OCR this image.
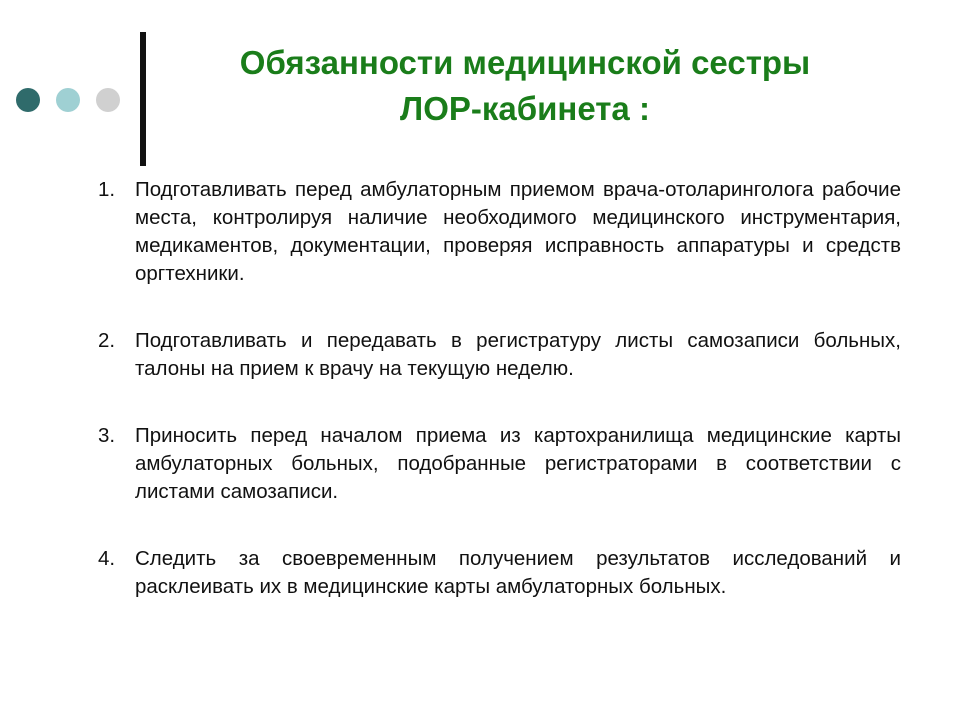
Обязанности медицинской сестры
ЛОР-кабинета :
1. Подготавливать перед амбулаторным приемом врача-отоларинголога рабочие места, контролируя наличие необходимого медицинского инструментария, медикаментов, документации, проверяя исправность аппаратуры и средств оргтехники.
2. Подготавливать и передавать в регистратуру листы самозаписи больных, талоны на прием к врачу на текущую неделю.
3. Приносить перед началом приема из картохранилища медицинские карты амбулаторных больных, подобранные регистраторами в соответствии с листами самозаписи.
4. Следить за своевременным получением результатов исследований и расклеивать их в медицинские карты амбулаторных больных.
